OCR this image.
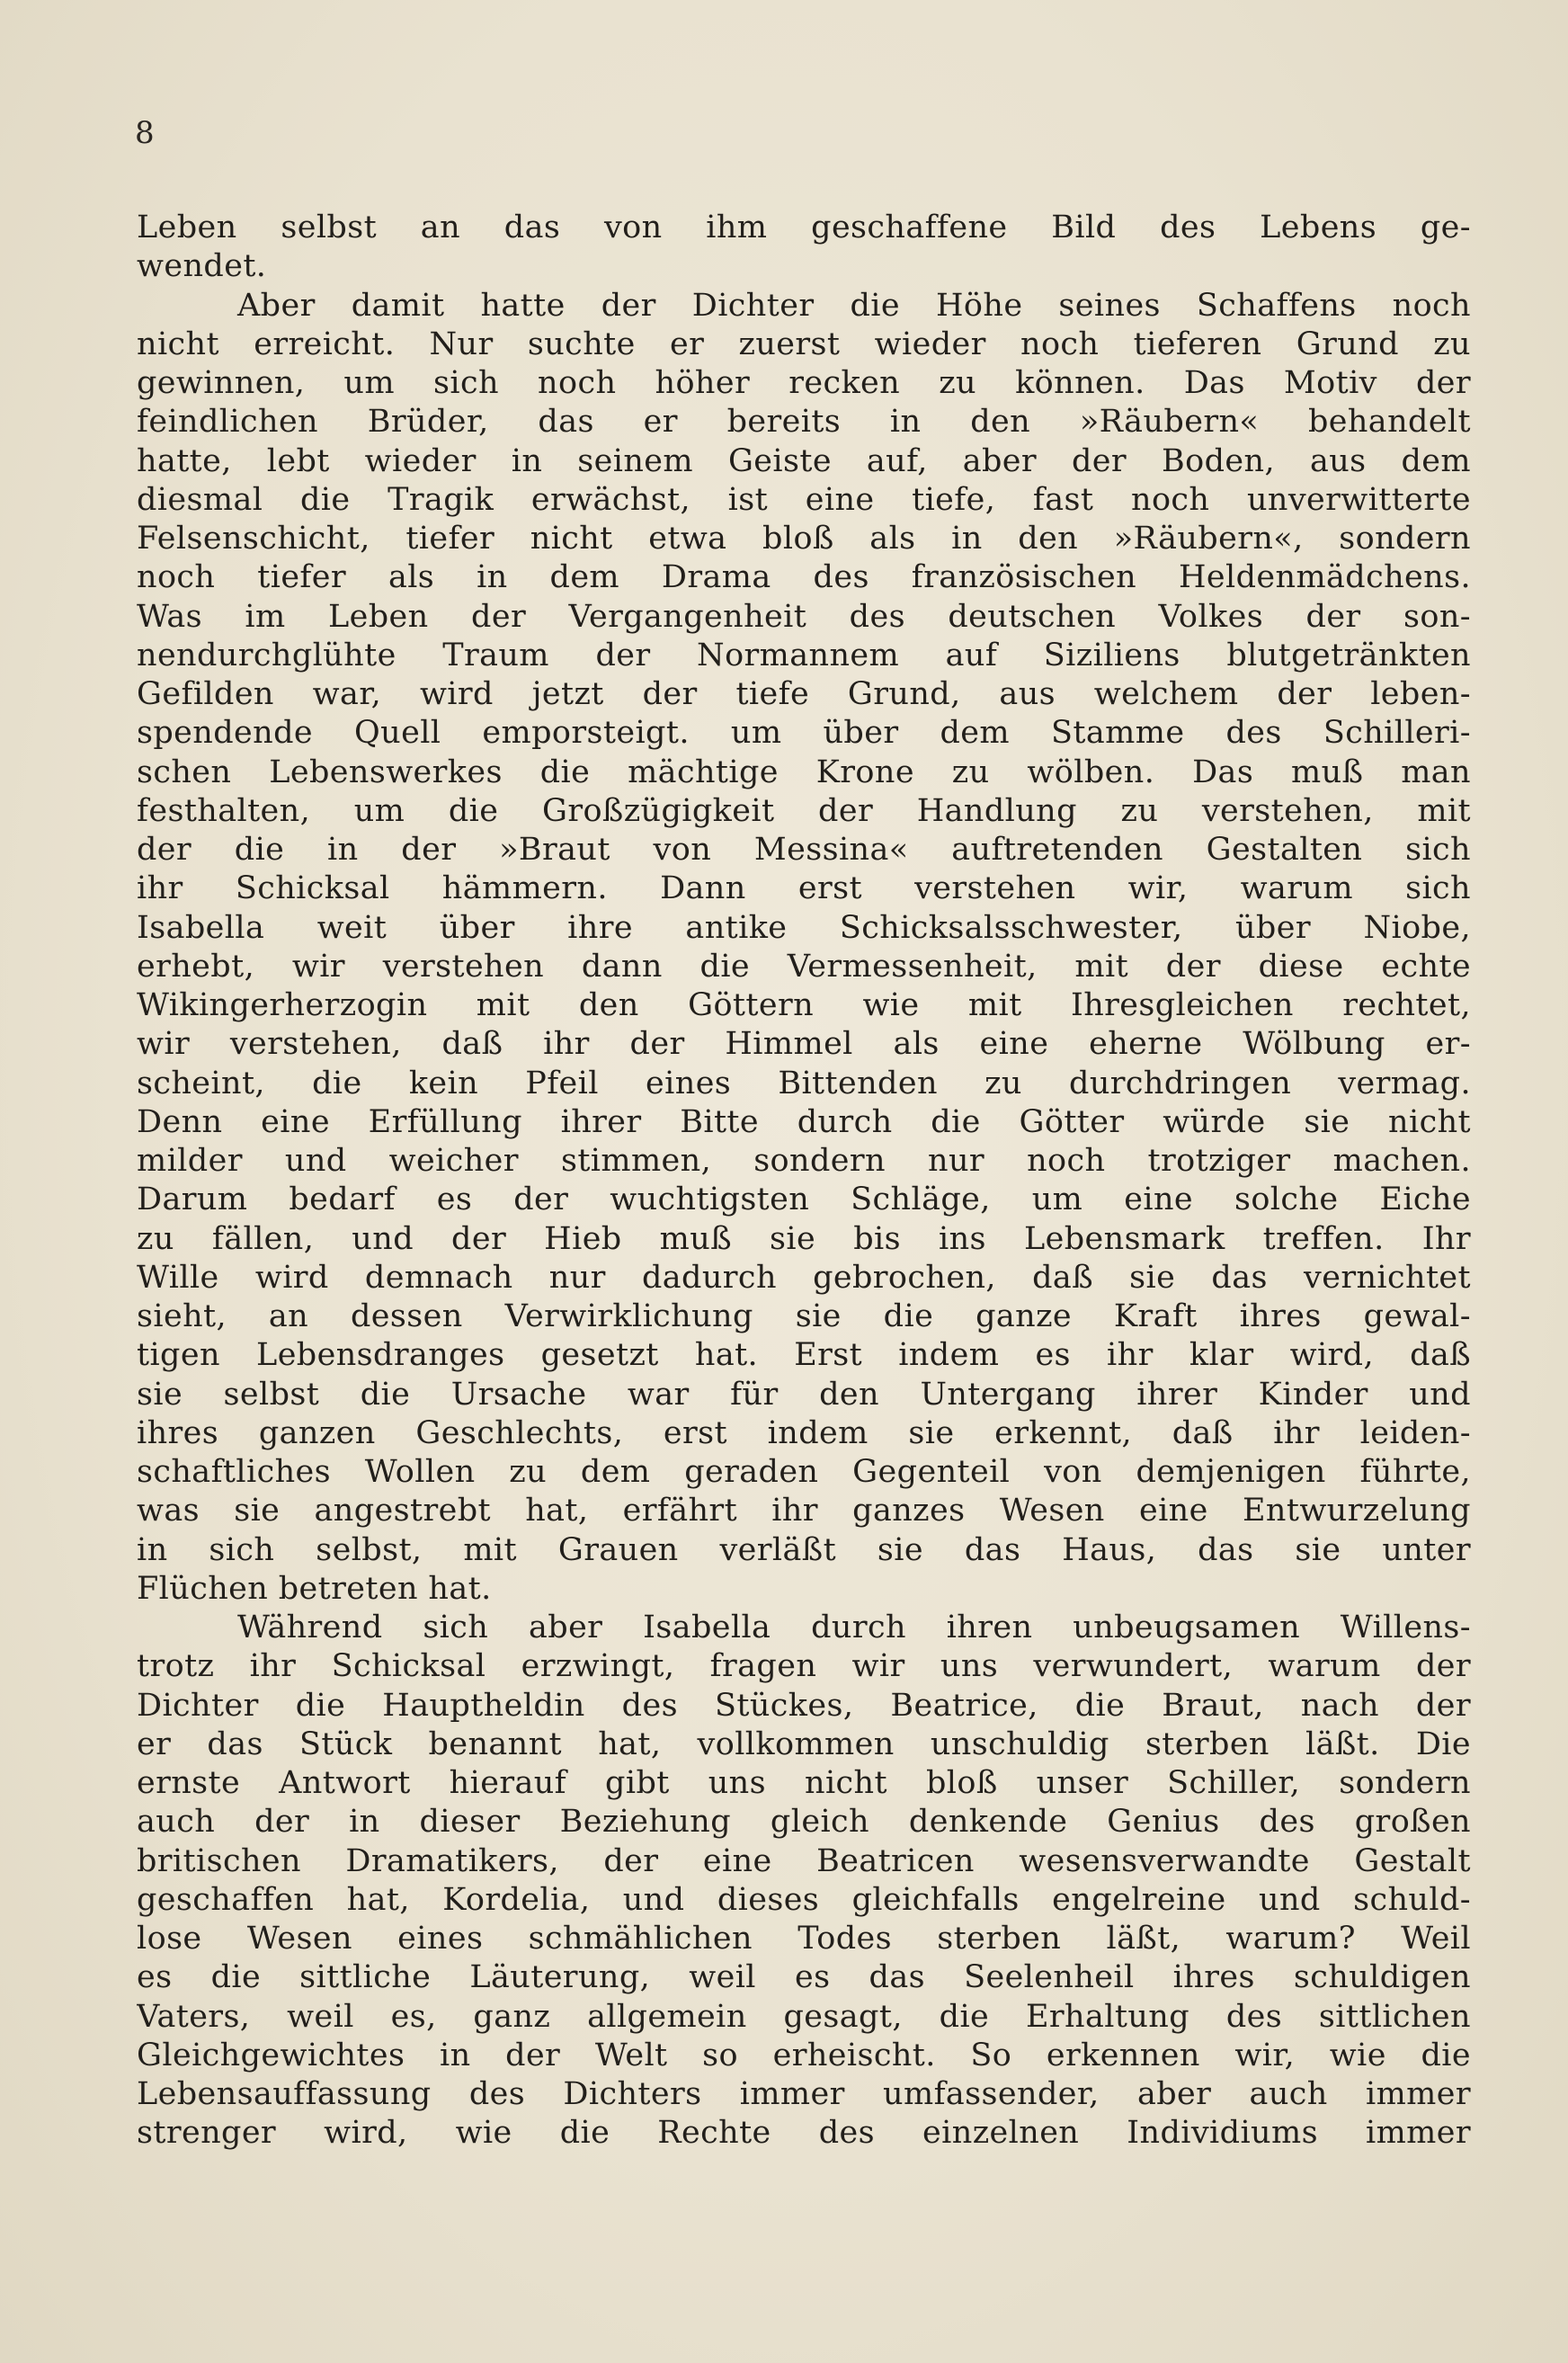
8
Leben selbst an das von ihm geschaffene Bild des Lebens ge-
wendet.
Aber damit hatte der Dichter die Höhe seines Schaffens noch
nicht erreicht. Nur suchte er zuerst wieder noch tieferen Grund zu
gewinnen, um sich noch höher recken zu können. Das Motiv der
feindlichen Brüder, das er bereits in den »Räubern« behandelt
hatte, lebt wieder in seinem Geiste auf, aber der Boden, aus dem
diesmal die Tragik erwächst, ist eine tiefe, fast noch unverwitterte
Felsenschicht, tiefer nicht etwa bloß als in den »Räubern«, sondern
noch tiefer als in dem Drama des französischen Heldenmädchens.
Was im Leben der Vergangenheit des deutschen Volkes der son-
nendurchglühte Traum der Normannem auf Siziliens blutgetränkten
Gefilden war, wird jetzt der tiefe Grund, aus welchem der leben-
spendende Quell emporsteigt. um über dem Stamme des Schilleri-
schen Lebenswerkes die mächtige Krone zu wölben. Das muß man
festhalten, um die Großzügigkeit der Handlung zu verstehen, mit
der die in der »Braut von Messina« auftretenden Gestalten sich
ihr Schicksal hämmern. Dann erst verstehen wir, warum sich
Isabella weit über ihre antike Schicksalsschwester, über Niobe,
erhebt, wir verstehen dann die Vermessenheit, mit der diese echte
Wikingerherzogin mit den Göttern wie mit Ihresgleichen rechtet,
wir verstehen, daß ihr der Himmel als eine eherne Wölbung er-
scheint, die kein Pfeil eines Bittenden zu durchdringen vermag.
Denn eine Erfüllung ihrer Bitte durch die Götter würde sie nicht
milder und weicher stimmen, sondern nur noch trotziger machen.
Darum bedarf es der wuchtigsten Schläge, um eine solche Eiche
zu fällen, und der Hieb muß sie bis ins Lebensmark treffen. Ihr
Wille wird demnach nur dadurch gebrochen, daß sie das vernichtet
sieht, an dessen Verwirklichung sie die ganze Kraft ihres gewal-
tigen Lebensdranges gesetzt hat. Erst indem es ihr klar wird, daß
sie selbst die Ursache war für den Untergang ihrer Kinder und
ihres ganzen Geschlechts, erst indem sie erkennt, daß ihr leiden-
schaftliches Wollen zu dem geraden Gegenteil von demjenigen führte,
was sie angestrebt hat, erfährt ihr ganzes Wesen eine Entwurzelung
in sich selbst, mit Grauen verläßt sie das Haus, das sie unter
Flüchen betreten hat.
Während sich aber Isabella durch ihren unbeugsamen Willens-
trotz ihr Schicksal erzwingt, fragen wir uns verwundert, warum der
Dichter die Hauptheldin des Stückes, Beatrice, die Braut, nach der
er das Stück benannt hat, vollkommen unschuldig sterben läßt. Die
ernste Antwort hierauf gibt uns nicht bloß unser Schiller, sondern
auch der in dieser Beziehung gleich denkende Genius des großen
britischen Dramatikers, der eine Beatricen wesensverwandte Gestalt
geschaffen hat, Kordelia, und dieses gleichfalls engelreine und schuld-
lose Wesen eines schmählichen Todes sterben läßt, warum? Weil
es die sittliche Läuterung, weil es das Seelenheil ihres schuldigen
Vaters, weil es, ganz allgemein gesagt, die Erhaltung des sittlichen
Gleichgewichtes in der Welt so erheischt. So erkennen wir, wie die
Lebensauffassung des Dichters immer umfassender, aber auch immer
strenger wird, wie die Rechte des einzelnen Individiums immer
